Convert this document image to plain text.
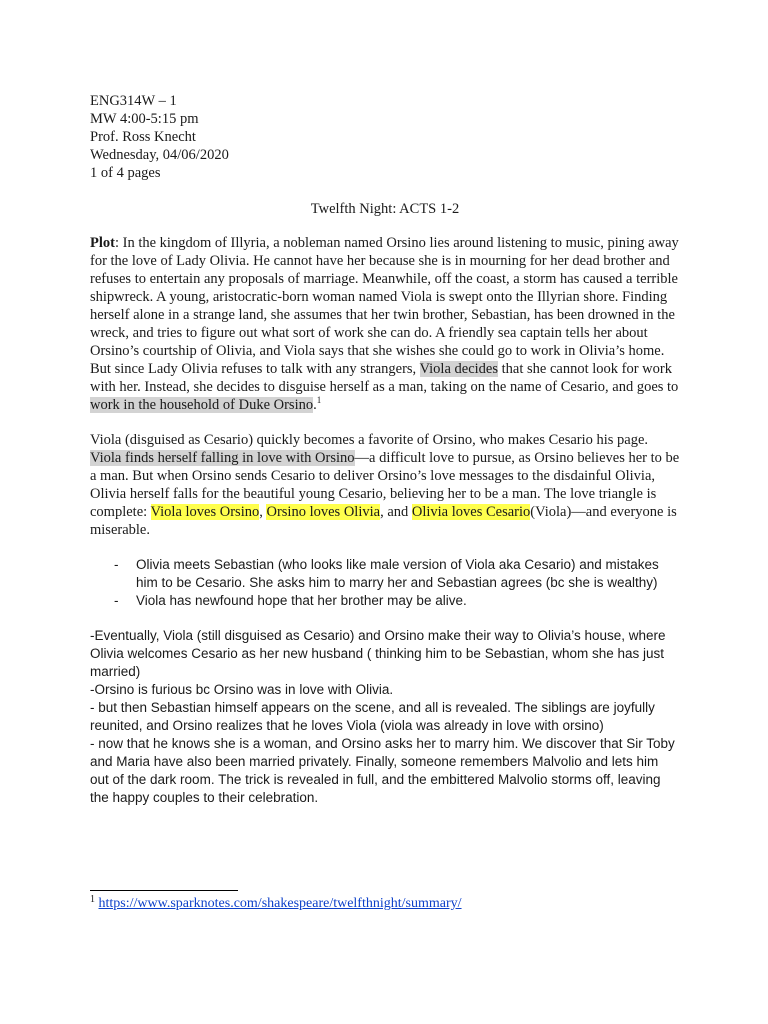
ENG314W – 1
MW 4:00-5:15 pm
Prof. Ross Knecht
Wednesday, 04/06/2020
1 of 4 pages
Twelfth Night: ACTS 1-2

Plot: In the kingdom of Illyria, a nobleman named Orsino lies around listening to music, pining away for the love of Lady Olivia. He cannot have her because she is in mourning for her dead brother and refuses to entertain any proposals of marriage. Meanwhile, off the coast, a storm has caused a terrible shipwreck. A young, aristocratic-born woman named Viola is swept onto the Illyrian shore. Finding herself alone in a strange land, she assumes that her twin brother, Sebastian, has been drowned in the wreck, and tries to figure out what sort of work she can do. A friendly sea captain tells her about Orsino’s courtship of Olivia, and Viola says that she wishes she could go to work in Olivia’s home. But since Lady Olivia refuses to talk with any strangers, Viola decides that she cannot look for work with her. Instead, she decides to disguise herself as a man, taking on the name of Cesario, and goes to work in the household of Duke Orsino.$^1$

Viola (disguised as Cesario) quickly becomes a favorite of Orsino, who makes Cesario his page. Viola finds herself falling in love with Orsino—a difficult love to pursue, as Orsino believes her to be a man. But when Orsino sends Cesario to deliver Orsino’s love messages to the disdainful Olivia, Olivia herself falls for the beautiful young Cesario, believing her to be a man. The love triangle is complete: Viola loves Orsino, Orsino loves Olivia, and Olivia loves Cesario(Viola)—and everyone is miserable.

- Olivia meets Sebastian (who looks like male version of Viola aka Cesario) and mistakes him to be Cesario. She asks him to marry her and Sebastian agrees (bc she is wealthy)
- Viola has newfound hope that her brother may be alive.

-Eventually, Viola (still disguised as Cesario) and Orsino make their way to Olivia’s house, where Olivia welcomes Cesario as her new husband ( thinking him to be Sebastian, whom she has just married)

-Orsino is furious bc Orsino was in love with Olivia.

- but then Sebastian himself appears on the scene, and all is revealed. The siblings are joyfully reunited, and Orsino realizes that he loves Viola (viola was already in love with orsino)

- now that he knows she is a woman, and Orsino asks her to marry him. We discover that Sir Toby and Maria have also been married privately. Finally, someone remembers Malvolio and lets him out of the dark room. The trick is revealed in full, and the embittered Malvolio storms off, leaving the happy couples to their celebration.

$^1$ https://www.sparknotes.com/shakespeare/twelfthnight/summary/
